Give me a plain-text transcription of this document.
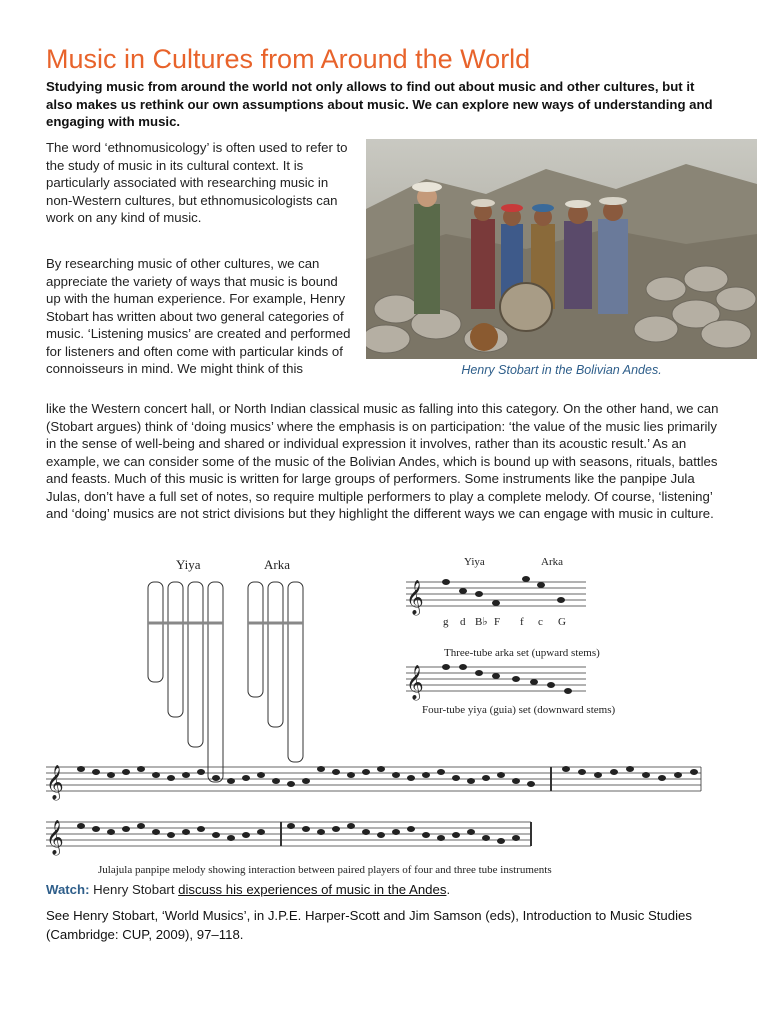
Music in Cultures from Around the World

Studying music from around the world not only allows to find out about music and other cultures, but it also makes us rethink our own assumptions about music. We can explore new ways of understanding and engaging with music.

The word ‘ethnomusicology’ is often used to refer to the study of music in its cultural context. It is particularly associated with researching music in non-Western cultures, but ethnomusicologists can work on any kind of music.
By researching music of other cultures, we can appreciate the variety of ways that music is bound up with the human experience. For example, Henry Stobart has written about two general categories of music. ‘Listening musics’ are created and performed for listeners and often come with particular kinds of connoisseurs in mind. We might think of this
like the Western concert hall, or North Indian classical music as falling into this category. On the other hand, we can (Stobart argues) think of ‘doing musics’ where the emphasis is on participation: ‘the value of the music lies primarily in the sense of well-being and shared or individual expression it involves, rather than its acoustic result.’ As an example, we can consider some of the music of the Bolivian Andes, which is bound up with seasons, rituals, battles and feasts. Much of this music is written for large groups of performers. Some instruments like the panpipe Jula Julas, don’t have a full set of notes, so require multiple performers to play a complete melody. Of course, ‘listening’ and ‘doing’ musics are not strict divisions but they highlight the different ways we can engage with music in culture.
Henry Stobart in the Bolivian Andes.
Yiya	Arka	Yiya	Arka
𝄞
g d B♭ F f c G
Three-tube arka set (upward stems)
𝄞
Four-tube yiya (guia) set (downward stems)
𝄞
𝄞
Julajula panpipe melody showing interaction between paired players of four and three tube instruments
Watch: Henry Stobart discuss his experiences of music in the Andes.
See Henry Stobart, ‘World Musics’, in J.P.E. Harper-Scott and Jim Samson (eds), Introduction to Music Studies (Cambridge: CUP, 2009), 97–118.
